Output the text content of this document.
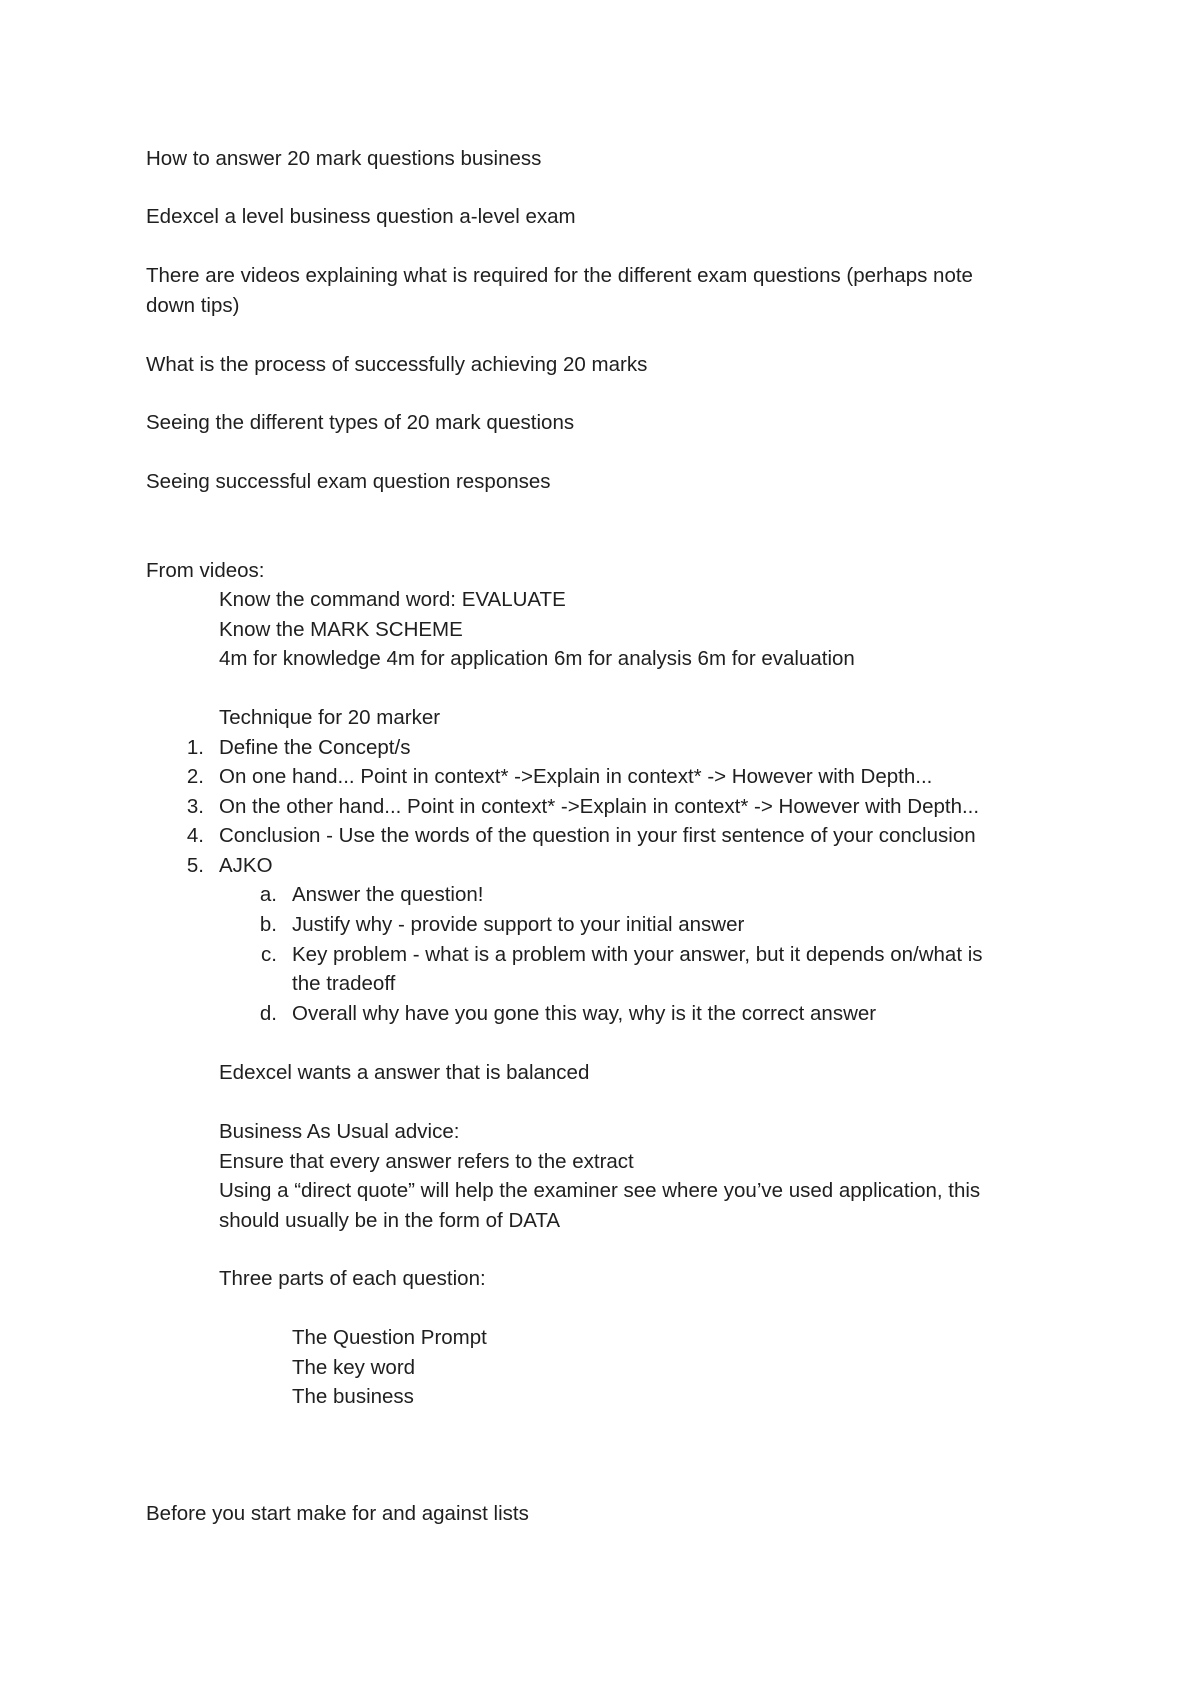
How to answer 20 mark questions business
Edexcel a level business question a-level exam
There are videos explaining what is required for the different exam questions (perhaps note
down tips)
What is the process of successfully achieving 20 marks
Seeing the different types of 20 mark questions
Seeing successful exam question responses
From videos:
Know the command word: EVALUATE
Know the MARK SCHEME
4m for knowledge 4m for application 6m for analysis 6m for evaluation
Technique for 20 marker
1. Define the Concept/s
2. On one hand... Point in context* ->Explain in context* -> However with Depth...
3. On the other hand... Point in context* ->Explain in context* -> However with Depth...
4. Conclusion - Use the words of the question in your first sentence of your conclusion
5. AJKO
a. Answer the question!
b. Justify why - provide support to your initial answer
c. Key problem - what is a problem with your answer, but it depends on/what is
the tradeoff
d. Overall why have you gone this way, why is it the correct answer
Edexcel wants a answer that is balanced
Business As Usual advice:
Ensure that every answer refers to the extract
Using a “direct quote” will help the examiner see where you’ve used application, this
should usually be in the form of DATA
Three parts of each question:
The Question Prompt
The key word
The business
Before you start make for and against lists
